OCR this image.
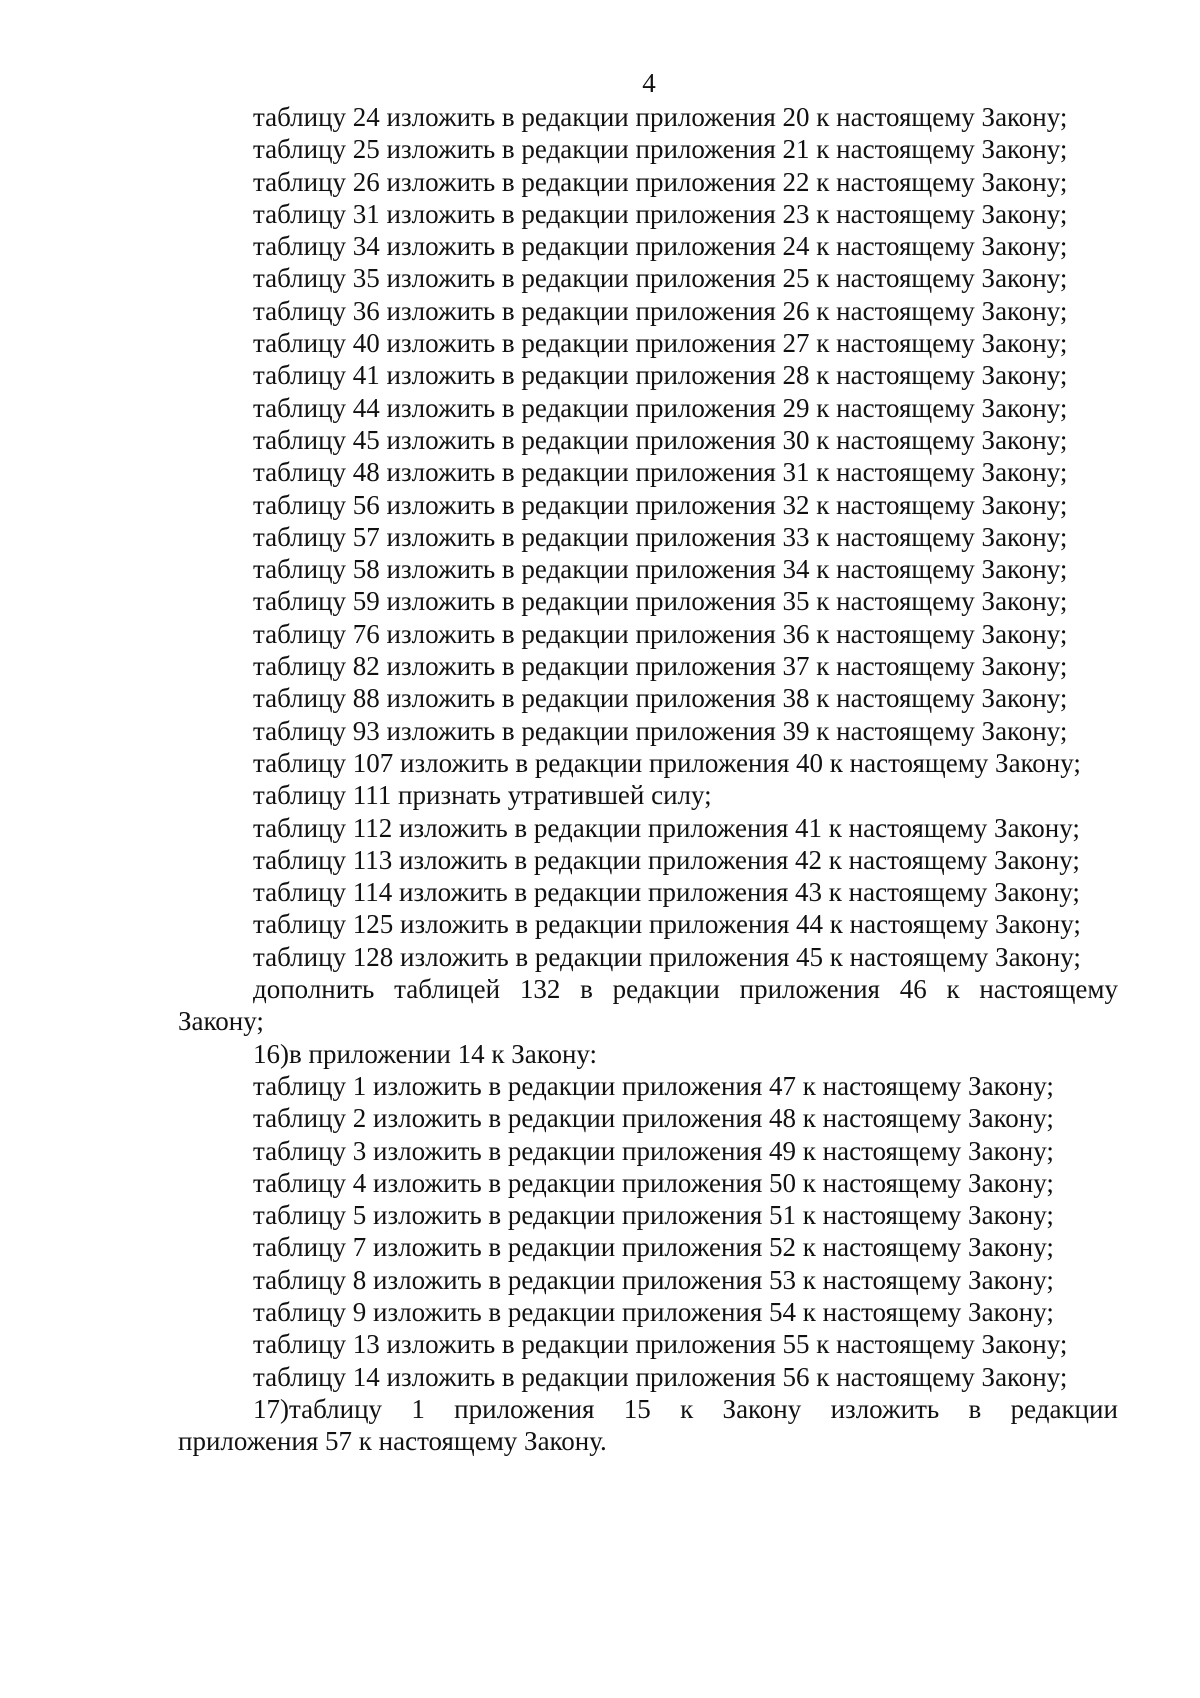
4
таблицу 24 изложить в редакции приложения 20 к настоящему Закону;
таблицу 25 изложить в редакции приложения 21 к настоящему Закону;
таблицу 26 изложить в редакции приложения 22 к настоящему Закону;
таблицу 31 изложить в редакции приложения 23 к настоящему Закону;
таблицу 34 изложить в редакции приложения 24 к настоящему Закону;
таблицу 35 изложить в редакции приложения 25 к настоящему Закону;
таблицу 36 изложить в редакции приложения 26 к настоящему Закону;
таблицу 40 изложить в редакции приложения 27 к настоящему Закону;
таблицу 41 изложить в редакции приложения 28 к настоящему Закону;
таблицу 44 изложить в редакции приложения 29 к настоящему Закону;
таблицу 45 изложить в редакции приложения 30 к настоящему Закону;
таблицу 48 изложить в редакции приложения 31 к настоящему Закону;
таблицу 56 изложить в редакции приложения 32 к настоящему Закону;
таблицу 57 изложить в редакции приложения 33 к настоящему Закону;
таблицу 58 изложить в редакции приложения 34 к настоящему Закону;
таблицу 59 изложить в редакции приложения 35 к настоящему Закону;
таблицу 76 изложить в редакции приложения 36 к настоящему Закону;
таблицу 82 изложить в редакции приложения 37 к настоящему Закону;
таблицу 88 изложить в редакции приложения 38 к настоящему Закону;
таблицу 93 изложить в редакции приложения 39 к настоящему Закону;
таблицу 107 изложить в редакции приложения 40 к настоящему Закону;
таблицу 111 признать утратившей силу;
таблицу 112 изложить в редакции приложения 41 к настоящему Закону;
таблицу 113 изложить в редакции приложения 42 к настоящему Закону;
таблицу 114 изложить в редакции приложения 43 к настоящему Закону;
таблицу 125 изложить в редакции приложения 44 к настоящему Закону;
таблицу 128 изложить в редакции приложения 45 к настоящему Закону;
дополнить таблицей 132 в редакции приложения 46 к настоящему
Закону;
16)в приложении 14 к Закону:
таблицу 1 изложить в редакции приложения 47 к настоящему Закону;
таблицу 2 изложить в редакции приложения 48 к настоящему Закону;
таблицу 3 изложить в редакции приложения 49 к настоящему Закону;
таблицу 4 изложить в редакции приложения 50 к настоящему Закону;
таблицу 5 изложить в редакции приложения 51 к настоящему Закону;
таблицу 7 изложить в редакции приложения 52 к настоящему Закону;
таблицу 8 изложить в редакции приложения 53 к настоящему Закону;
таблицу 9 изложить в редакции приложения 54 к настоящему Закону;
таблицу 13 изложить в редакции приложения 55 к настоящему Закону;
таблицу 14 изложить в редакции приложения 56 к настоящему Закону;
17)таблицу 1 приложения 15 к Закону изложить в редакции
приложения 57 к настоящему Закону.
